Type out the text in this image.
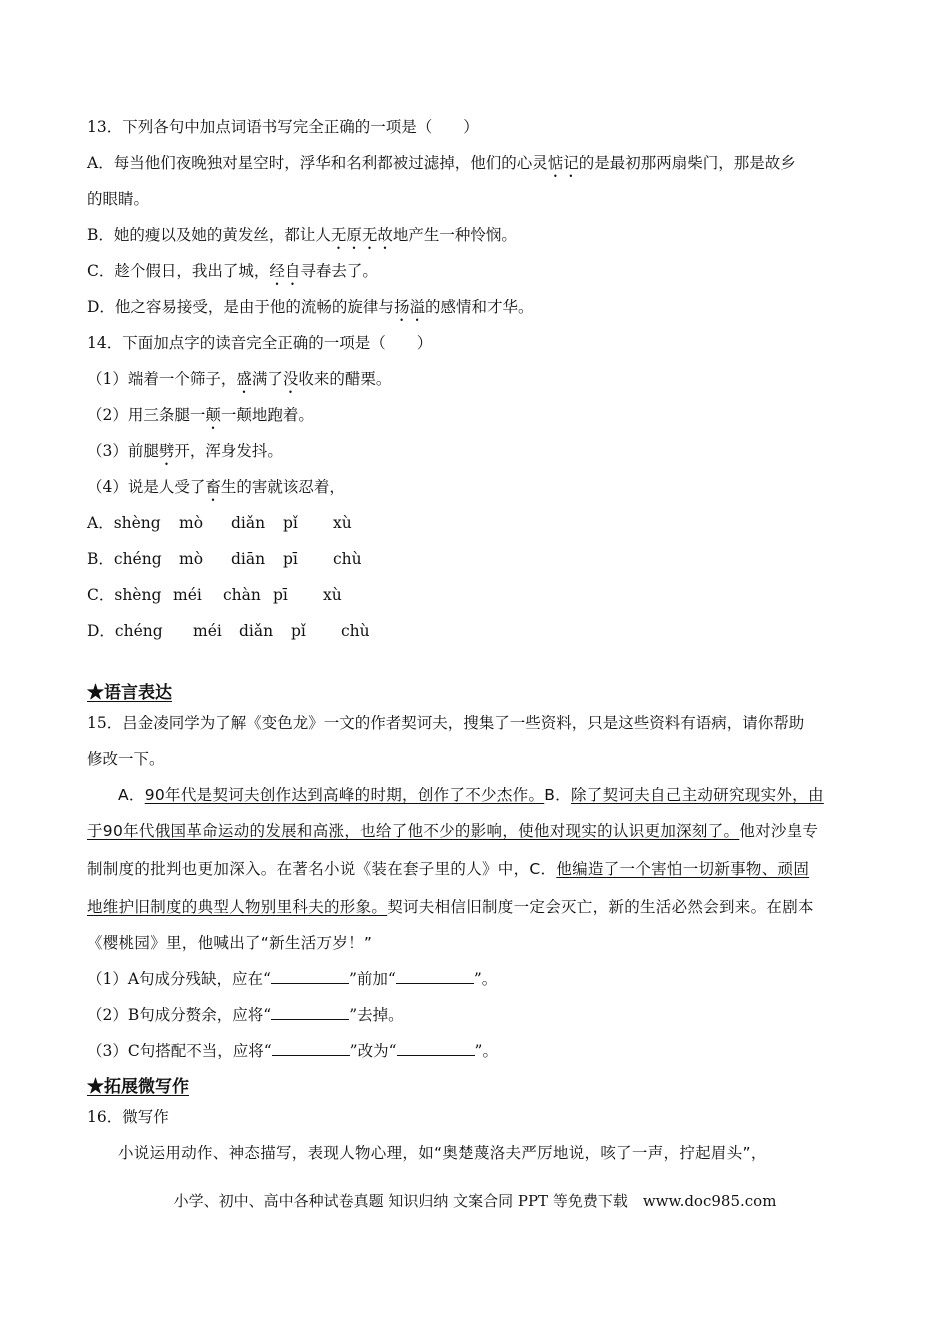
13．下列各句中加点词语书写完全正确的一项是（　　）
A．每当他们夜晚独对星空时，浮华和名利都被过滤掉，他们的心灵惦记的是最初那两扇柴门，那是故乡
的眼睛。
B．她的瘦以及她的黄发丝，都让人无原无故地产生一种怜悯。
C．趁个假日，我出了城，经自寻春去了。
D．他之容易接受，是由于他的流畅的旋律与扬溢的感情和才华。
14．下面加点字的读音完全正确的一项是（　　）
（1）端着一个筛子，盛满了没收来的醋栗。
（2）用三条腿一颠一颠地跑着。
（3）前腿劈开，浑身发抖。
（4）说是人受了畜生的害就该忍着，
A．shèng mò diǎn pǐ xù
B．chéng mò diān pī chù
C．shèng méi chàn pī xù
D．chéng méi diǎn pǐ chù
★语言表达
15．吕金凌同学为了解《变色龙》一文的作者契诃夫，搜集了一些资料，只是这些资料有语病，请你帮助
修改一下。
A．90年代是契诃夫创作达到高峰的时期，创作了不少杰作。B．除了契诃夫自己主动研究现实外，由
于90年代俄国革命运动的发展和高涨，也给了他不少的影响，使他对现实的认识更加深刻了。他对沙皇专
制制度的批判也更加深入。在著名小说《装在套子里的人》中，C．他编造了一个害怕一切新事物、顽固
地维护旧制度的典型人物别里科夫的形象。契诃夫相信旧制度一定会灭亡，新的生活必然会到来。在剧本
《樱桃园》里，他喊出了“新生活万岁！”
（1）A句成分残缺，应在“	”前加“	”。
（2）B句成分赘余，应将“	”去掉。
（3）C句搭配不当，应将“	”改为“	”。
★拓展微写作
16．微写作
小说运用动作、神态描写，表现人物心理，如“奥楚蔑洛夫严厉地说，咳了一声，拧起眉头”，
小学、初中、高中各种试卷真题 知识归纳 文案合同 PPT 等免费下载　www.doc985.com
